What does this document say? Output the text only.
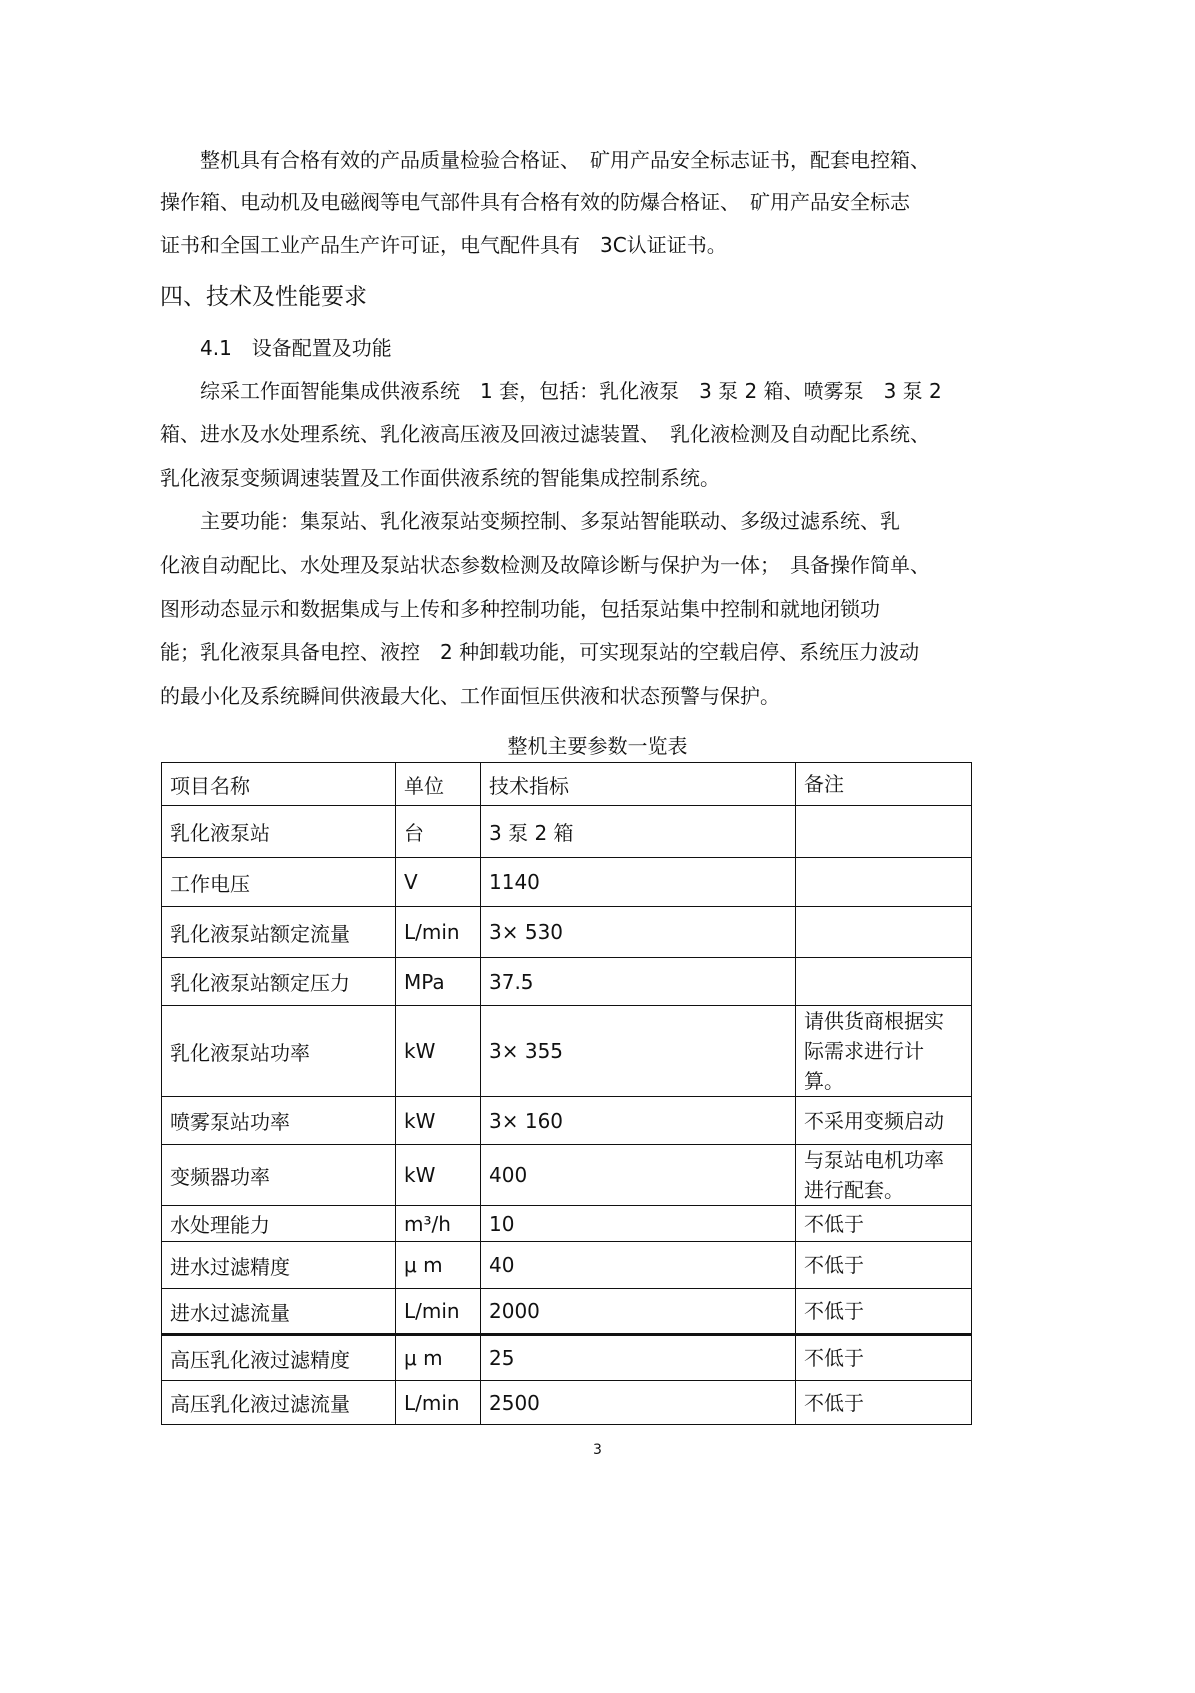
　　整机具有合格有效的产品质量检验合格证、　矿用产品安全标志证书，配套电控箱、
操作箱、电动机及电磁阀等电气部件具有合格有效的防爆合格证、　矿用产品安全标志
证书和全国工业产品生产许可证，电气配件具有　3C认证证书。
四、技术及性能要求
　　4.1　设备配置及功能
　　综采工作面智能集成供液系统　1 套，包括：乳化液泵　3 泵 2 箱、喷雾泵　3 泵 2
箱、进水及水处理系统、乳化液高压液及回液过滤装置、　乳化液检测及自动配比系统、
乳化液泵变频调速装置及工作面供液系统的智能集成控制系统。
　　主要功能：集泵站、乳化液泵站变频控制、多泵站智能联动、多级过滤系统、乳
化液自动配比、水处理及泵站状态参数检测及故障诊断与保护为一体；　具备操作简单、
图形动态显示和数据集成与上传和多种控制功能，包括泵站集中控制和就地闭锁功
能；乳化液泵具备电控、液控　2 种卸载功能，可实现泵站的空载启停、系统压力波动
的最小化及系统瞬间供液最大化、工作面恒压供液和状态预警与保护。
整机主要参数一览表
项目名称	单位	技术指标	备注
乳化液泵站	台	3 泵 2 箱	
工作电压	V	1140	
乳化液泵站额定流量	L/min	3× 530	
乳化液泵站额定压力	MPa	37.5	
乳化液泵站功率	kW	3× 355	请供货商根据实际需求进行计算。
喷雾泵站功率	kW	3× 160	不采用变频启动
变频器功率	kW	400	与泵站电机功率进行配套。
水处理能力	m³/h	10	不低于
进水过滤精度	μ m	40	不低于
进水过滤流量	L/min	2000	不低于
高压乳化液过滤精度	μ m	25	不低于
高压乳化液过滤流量	L/min	2500	不低于
3
